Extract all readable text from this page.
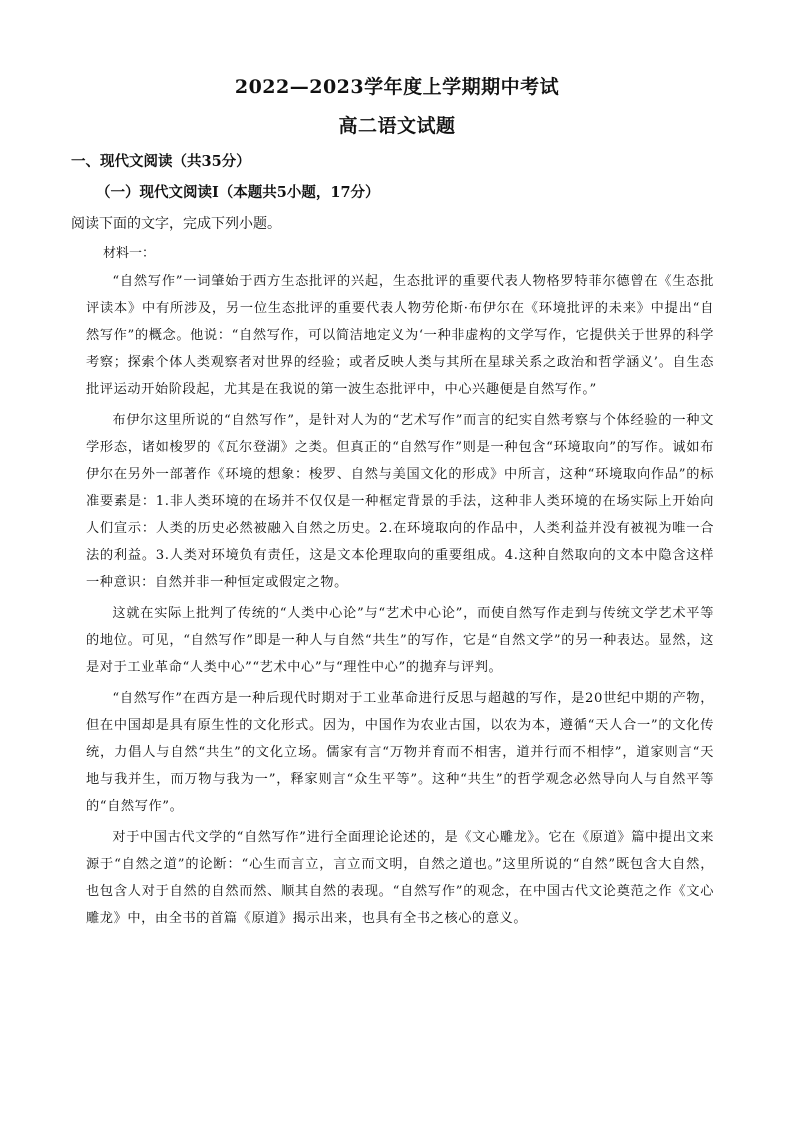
2022—2023学年度上学期期中考试
高二语文试题
一、现代文阅读（共35分）
（一）现代文阅读Ⅰ（本题共5小题，17分）
阅读下面的文字，完成下列小题。
材料一：

“自然写作”一词肇始于西方生态批评的兴起，生态批评的重要代表人物格罗特菲尔德曾在《生态批评读本》中有所涉及，另一位生态批评的重要代表人物劳伦斯·布伊尔在《环境批评的未来》中提出“自然写作”的概念。他说：“自然写作，可以简洁地定义为‘一种非虚构的文学写作，它提供关于世界的科学考察；探索个体人类观察者对世界的经验；或者反映人类与其所在星球关系之政治和哲学涵义’。自生态批评运动开始阶段起，尤其是在我说的第一波生态批评中，中心兴趣便是自然写作。”

布伊尔这里所说的“自然写作”，是针对人为的“艺术写作”而言的纪实自然考察与个体经验的一种文学形态，诸如梭罗的《瓦尔登湖》之类。但真正的“自然写作”则是一种包含“环境取向”的写作。诚如布伊尔在另外一部著作《环境的想象：梭罗、自然与美国文化的形成》中所言，这种“环境取向作品”的标准要素是：1.非人类环境的在场并不仅仅是一种框定背景的手法，这种非人类环境的在场实际上开始向人们宣示：人类的历史必然被融入自然之历史。2.在环境取向的作品中，人类利益并没有被视为唯一合法的利益。3.人类对环境负有责任，这是文本伦理取向的重要组成。4.这种自然取向的文本中隐含这样一种意识：自然并非一种恒定或假定之物。

这就在实际上批判了传统的“人类中心论”与“艺术中心论”，而使自然写作走到与传统文学艺术平等的地位。可见，“自然写作”即是一种人与自然“共生”的写作，它是“自然文学”的另一种表达。显然，这是对于工业革命“人类中心”“艺术中心”与“理性中心”的拋弃与评判。

“自然写作”在西方是一种后现代时期对于工业革命进行反思与超越的写作，是20世纪中期的产物，但在中国却是具有原生性的文化形式。因为，中国作为农业古国，以农为本，遵循“天人合一”的文化传统，力倡人与自然“共生”的文化立场。儒家有言“万物并育而不相害，道并行而不相悖”，道家则言“天地与我并生，而万物与我为一”，释家则言“众生平等”。这种“共生”的哲学观念必然导向人与自然平等的“自然写作”。

对于中国古代文学的“自然写作”进行全面理论论述的，是《文心雕龙》。它在《原道》篇中提出文来源于“自然之道”的论断：“心生而言立，言立而文明，自然之道也。”这里所说的“自然”既包含大自然，也包含人对于自然的自然而然、顺其自然的表现。“自然写作”的观念，在中国古代文论奠范之作《文心雕龙》中，由全书的首篇《原道》揭示出来，也具有全书之核心的意义。
